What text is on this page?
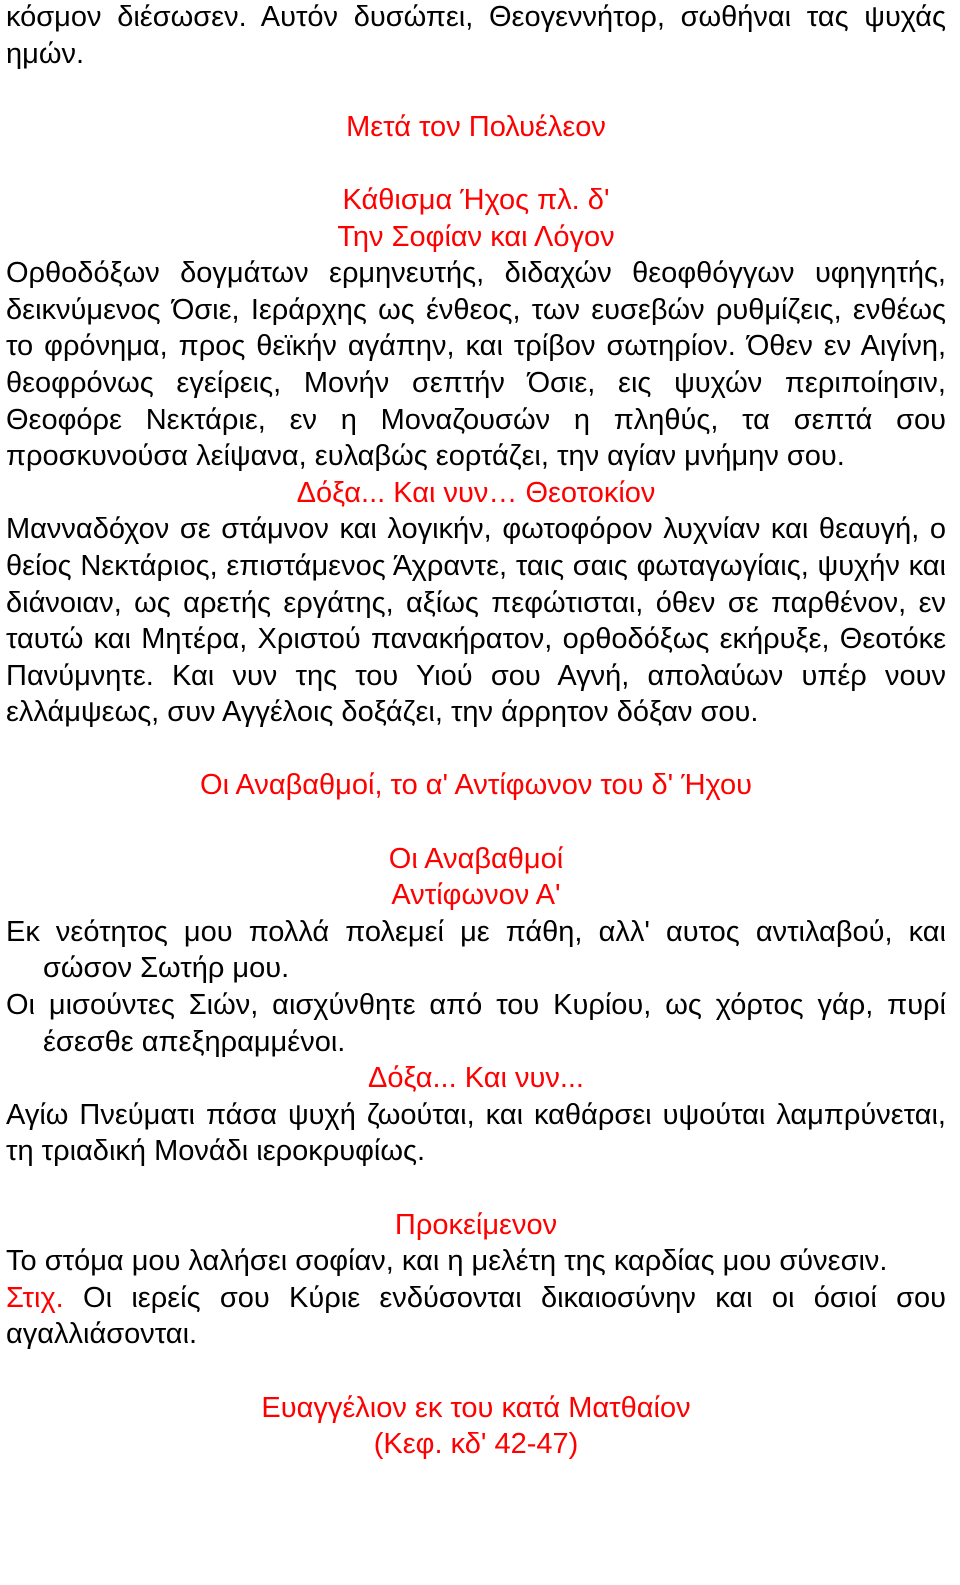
κόσμον διέσωσεν. Αυτόν δυσώπει, Θεογεννήτορ, σωθήναι τας ψυχάς ημών.

Μετά τον Πολυέλεον

Κάθισμα Ήχος πλ. δ'

Την Σοφίαν και Λόγον

Ορθοδόξων δογμάτων ερμηνευτής, διδαχών θεοφθόγγων υφηγητής, δεικνύμενος Όσιε, Ιεράρχης ως ένθεος, των ευσεβών ρυθμίζεις, ενθέως το φρόνημα, προς θεϊκήν αγάπην, και τρίβον σωτηρίον. Όθεν εν Αιγίνη, θεοφρόνως εγείρεις, Μονήν σεπτήν Όσιε, εις ψυχών περιποίησιν, Θεοφόρε Νεκτάριε, εν η Μοναζουσών η πληθύς, τα σεπτά σου προσκυνούσα λείψανα, ευλαβώς εορτάζει, την αγίαν μνήμην σου.

Δόξα... Και νυν… Θεοτοκίον

Μανναδόχον σε στάμνον και λογικήν, φωτοφόρον λυχνίαν και θεαυγή, ο θείος Νεκτάριος, επιστάμενος Άχραντε, ταις σαις φωταγωγίαις, ψυχήν και διάνοιαν, ως αρετής εργάτης, αξίως πεφώτισται, όθεν σε παρθένον, εν ταυτώ και Μητέρα, Χριστού πανακήρατον, ορθοδόξως εκήρυξε, Θεοτόκε Πανύμνητε. Και νυν της του Υιού σου Αγνή, απολαύων υπέρ νουν ελλάμψεως, συν Αγγέλοις δοξάζει, την άρρητον δόξαν σου.

Οι Αναβαθμοί, το α' Αντίφωνον του δ' Ήχου

Οι Αναβαθμοί

Αντίφωνον Α'

Εκ νεότητος μου πολλά πολεμεί με πάθη, αλλ' αυτος αντιλαβού, και σώσον Σωτήρ μου.

Οι μισούντες Σιών, αισχύνθητε από του Κυρίου, ως χόρτος γάρ, πυρί έσεσθε απεξηραμμένοι.

Δόξα... Και νυν...

Αγίω Πνεύματι πάσα ψυχή ζωούται, και καθάρσει υψούται λαμπρύνεται, τη τριαδική Μονάδι ιεροκρυφίως.

Προκείμενον

Το στόμα μου λαλήσει σοφίαν, και η μελέτη της καρδίας μου σύνεσιν.

Στιχ. Οι ιερείς σου Κύριε ενδύσονται δικαιοσύνην και οι όσιοί σου αγαλλιάσονται.

Ευαγγέλιον εκ του κατά Ματθαίον

(Κεφ. κδ' 42-47)
